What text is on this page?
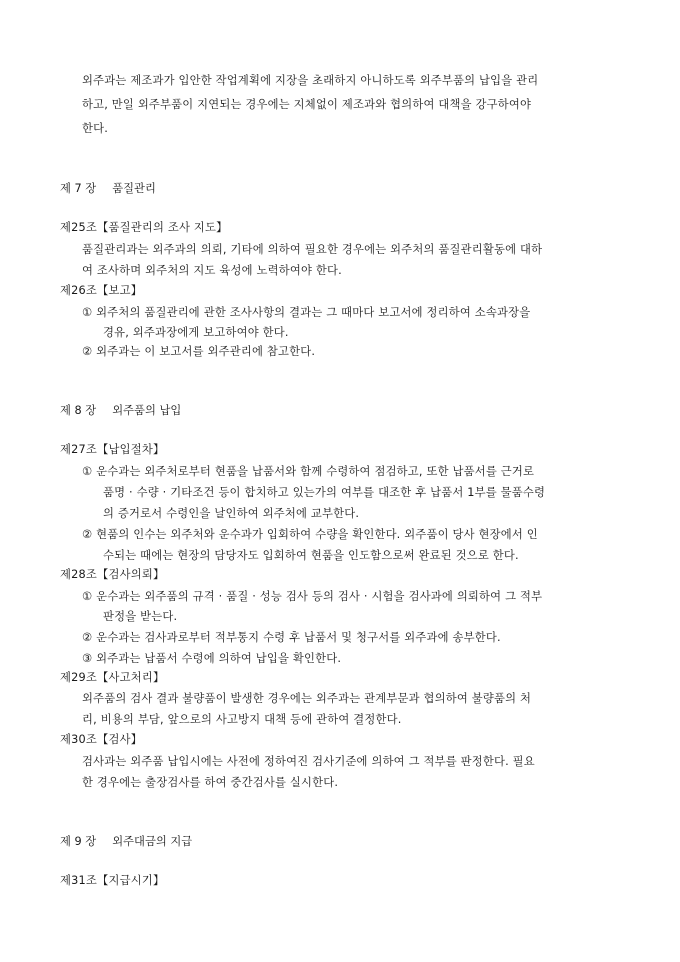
외주과는 제조과가 입안한 작업계획에 지장을 초래하지 아니하도록 외주부품의 납입을 관리
하고, 만일 외주부품이 지연되는 경우에는 지체없이 제조과와 협의하여 대책을 강구하여야
한다.
제 7 장 품질관리
제25조【품질관리의 조사 지도】
품질관리과는 외주과의 의뢰, 기타에 의하여 필요한 경우에는 외주처의 품질관리활동에 대하
여 조사하며 외주처의 지도 육성에 노력하여야 한다.
제26조【보고】
① 외주처의 품질관리에 관한 조사사항의 결과는 그 때마다 보고서에 정리하여 소속과장을
경유, 외주과장에게 보고하여야 한다.
② 외주과는 이 보고서를 외주관리에 참고한다.
제 8 장 외주품의 납입
제27조【납입절차】
① 운수과는 외주처로부터 현품을 납품서와 함께 수령하여 점검하고, 또한 납품서를 근거로
품명 · 수량 · 기타조건 등이 합치하고 있는가의 여부를 대조한 후 납품서 1부를 물품수령
의 증거로서 수령인을 날인하여 외주처에 교부한다.
② 현품의 인수는 외주처와 운수과가 입회하여 수량을 확인한다. 외주품이 당사 현장에서 인
수되는 때에는 현장의 담당자도 입회하여 현품을 인도함으로써 완료된 것으로 한다.
제28조【검사의뢰】
① 운수과는 외주품의 규격 · 품질 · 성능 검사 등의 검사 · 시험을 검사과에 의뢰하여 그 적부
판정을 받는다.
② 운수과는 검사과로부터 적부통지 수령 후 납품서 및 청구서를 외주과에 송부한다.
③ 외주과는 납품서 수령에 의하여 납입을 확인한다.
제29조【사고처리】
외주품의 검사 결과 불량품이 발생한 경우에는 외주과는 관계부문과 협의하여 불량품의 처
리, 비용의 부담, 앞으로의 사고방지 대책 등에 관하여 결정한다.
제30조【검사】
검사과는 외주품 납입시에는 사전에 정하여진 검사기준에 의하여 그 적부를 판정한다. 필요
한 경우에는 출장검사를 하여 중간검사를 실시한다.
제 9 장 외주대금의 지급
제31조【지급시기】
